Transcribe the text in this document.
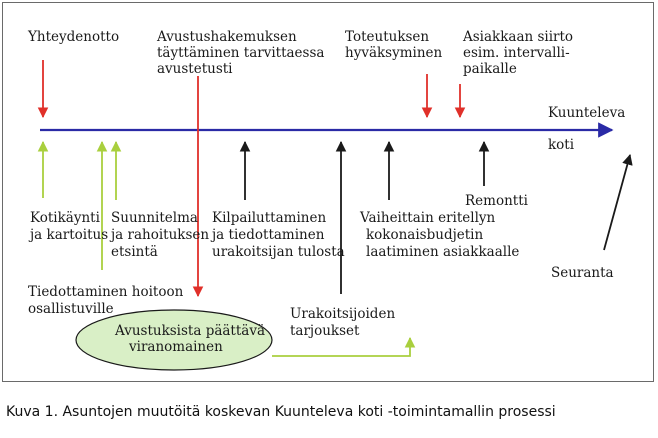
Kuunteleva koti
Yhteydenotto	Avustushakemuksen täyttäminen tarvittaessa avustetusti
Toteutuksen hyväksyminen
Asiakkaan siirto esim. intervalli-paikalle
Kotikäynti ja kartoitus
Suunnitelma ja rahoituksen etsintä
Kilpailuttaminen ja tiedottaminen urakoitsijan tulosta
Vaiheittain eritellyn kokonaisbudjetin laatiminen asiakkaalle
Remontti
Tiedottaminen hoitoon osallistuville	Urakoitsijoiden tarjoukset
Seuranta
Avustuksista päättävä viranomainen
Kuva 1. Asuntojen muutöitä koskevan Kuunteleva koti -toimintamallin prosessi
